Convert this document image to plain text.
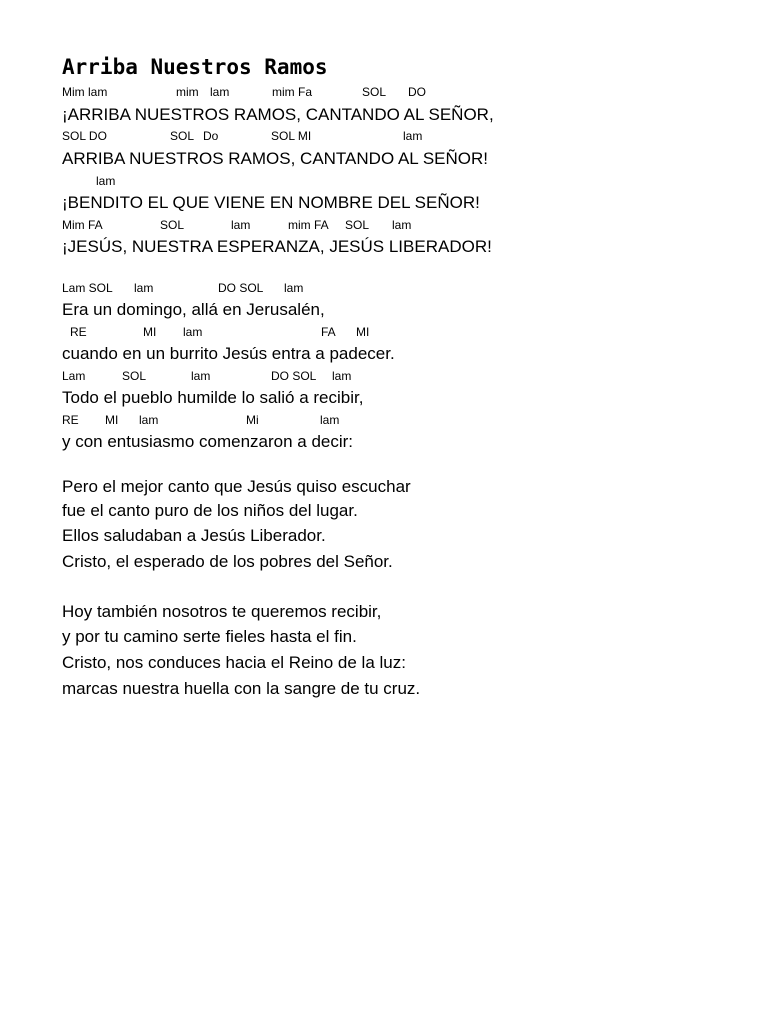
Arriba Nuestros Ramos
Mim lam	mim lam	mim Fa	SOL DO
¡ARRIBA NUESTROS RAMOS, CANTANDO AL SEÑOR,
SOL DO	SOL Do	SOL MI	lam
ARRIBA NUESTROS RAMOS, CANTANDO AL SEÑOR!
lam
¡BENDITO EL QUE VIENE EN NOMBRE DEL SEÑOR!
Mim FA	SOL	lam	mim FA SOL lam
¡JESÚS, NUESTRA ESPERANZA, JESÚS LIBERADOR!
Lam SOL lam	DO SOL lam
Era un domingo, allá en Jerusalén,
RE	MI lam	FA MI
cuando en un burrito Jesús entra a padecer.
Lam	SOL	lam	DO SOL lam
Todo el pueblo humilde lo salió a recibir,
RE MI lam	Mi	lam
y con entusiasmo comenzaron a decir:
Pero el mejor canto que Jesús quiso escuchar
fue el canto puro de los niños del lugar.
Ellos saludaban a Jesús Liberador.
Cristo, el esperado de los pobres del Señor.
Hoy también nosotros te queremos recibir,
y por tu camino serte fieles hasta el fin.
Cristo, nos conduces hacia el Reino de la luz:
marcas nuestra huella con la sangre de tu cruz.
